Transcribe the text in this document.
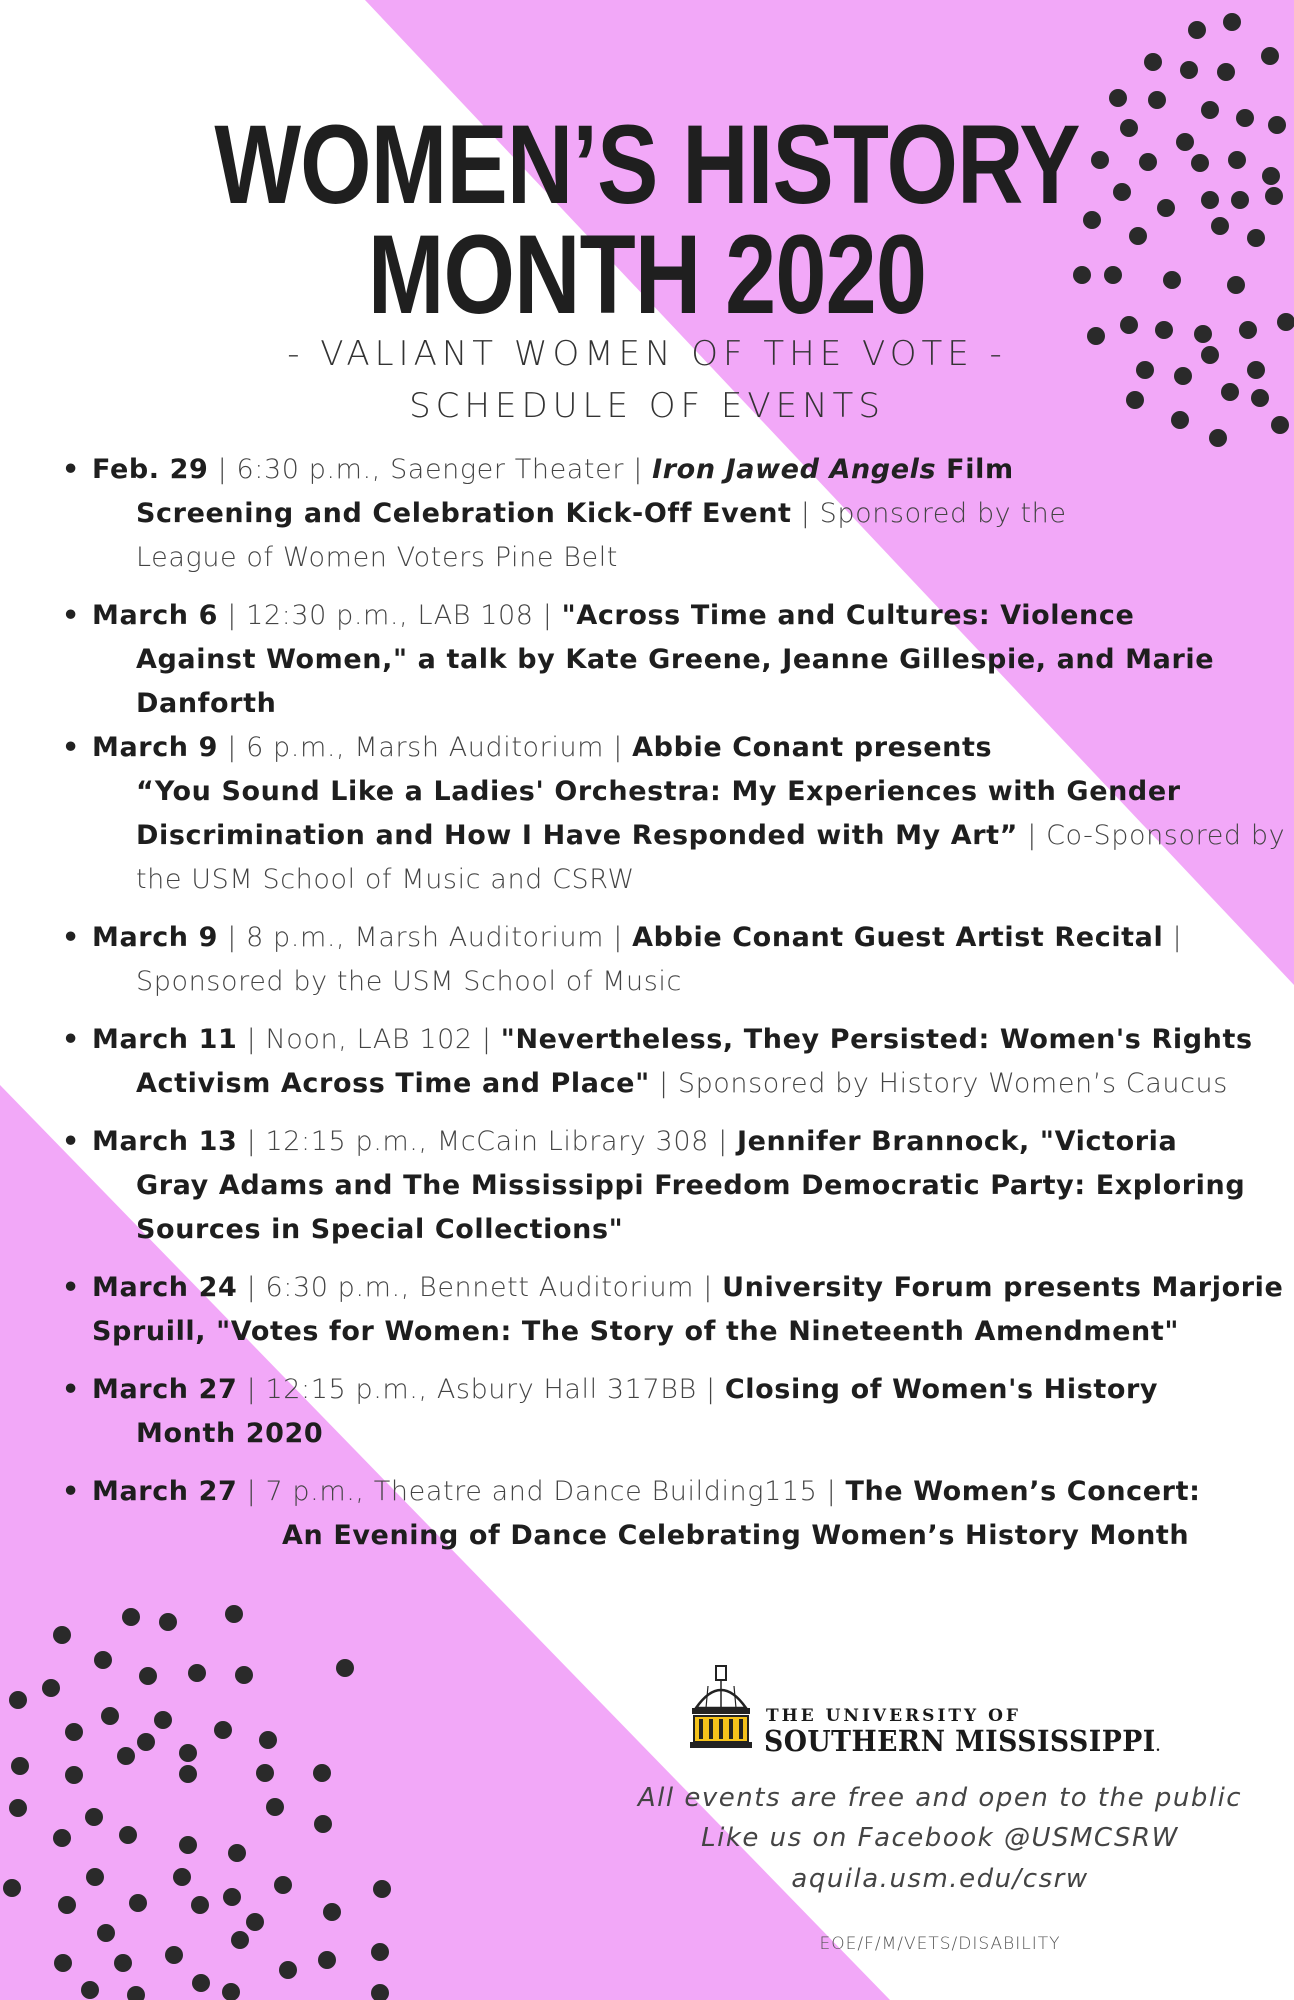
WOMEN’S HISTORY
MONTH 2020
- VALIANT WOMEN OF THE VOTE -
SCHEDULE OF EVENTS
• Feb. 29 | 6:30 p.m., Saenger Theater | Iron Jawed Angels Film
Screening and Celebration Kick-Off Event | Sponsored by the
League of Women Voters Pine Belt
• March 6 | 12:30 p.m., LAB 108 | "Across Time and Cultures: Violence
Against Women," a talk by Kate Greene, Jeanne Gillespie, and Marie
Danforth
• March 9 | 6 p.m., Marsh Auditorium | Abbie Conant presents
“You Sound Like a Ladies' Orchestra: My Experiences with Gender
Discrimination and How I Have Responded with My Art” | Co-Sponsored by
the USM School of Music and CSRW
• March 9 | 8 p.m., Marsh Auditorium | Abbie Conant Guest Artist Recital |
Sponsored by the USM School of Music
• March 11 | Noon, LAB 102 | "Nevertheless, They Persisted: Women's Rights
Activism Across Time and Place" | Sponsored by History Women’s Caucus
• March 13 | 12:15 p.m., McCain Library 308 | Jennifer Brannock, "Victoria
Gray Adams and The Mississippi Freedom Democratic Party: Exploring
Sources in Special Collections"
• March 24 | 6:30 p.m., Bennett Auditorium | University Forum presents Marjorie
Spruill, "Votes for Women: The Story of the Nineteenth Amendment"
• March 27 | 12:15 p.m., Asbury Hall 317BB | Closing of Women's History
Month 2020
• March 27 | 7 p.m., Theatre and Dance Building115 | The Women’s Concert:
An Evening of Dance Celebrating Women’s History Month
THE UNIVERSITY OF
SOUTHERN MISSISSIPPI.
All events are free and open to the public
Like us on Facebook @USMCSRW
aquila.usm.edu/csrw
EOE/F/M/VETS/DISABILITY
